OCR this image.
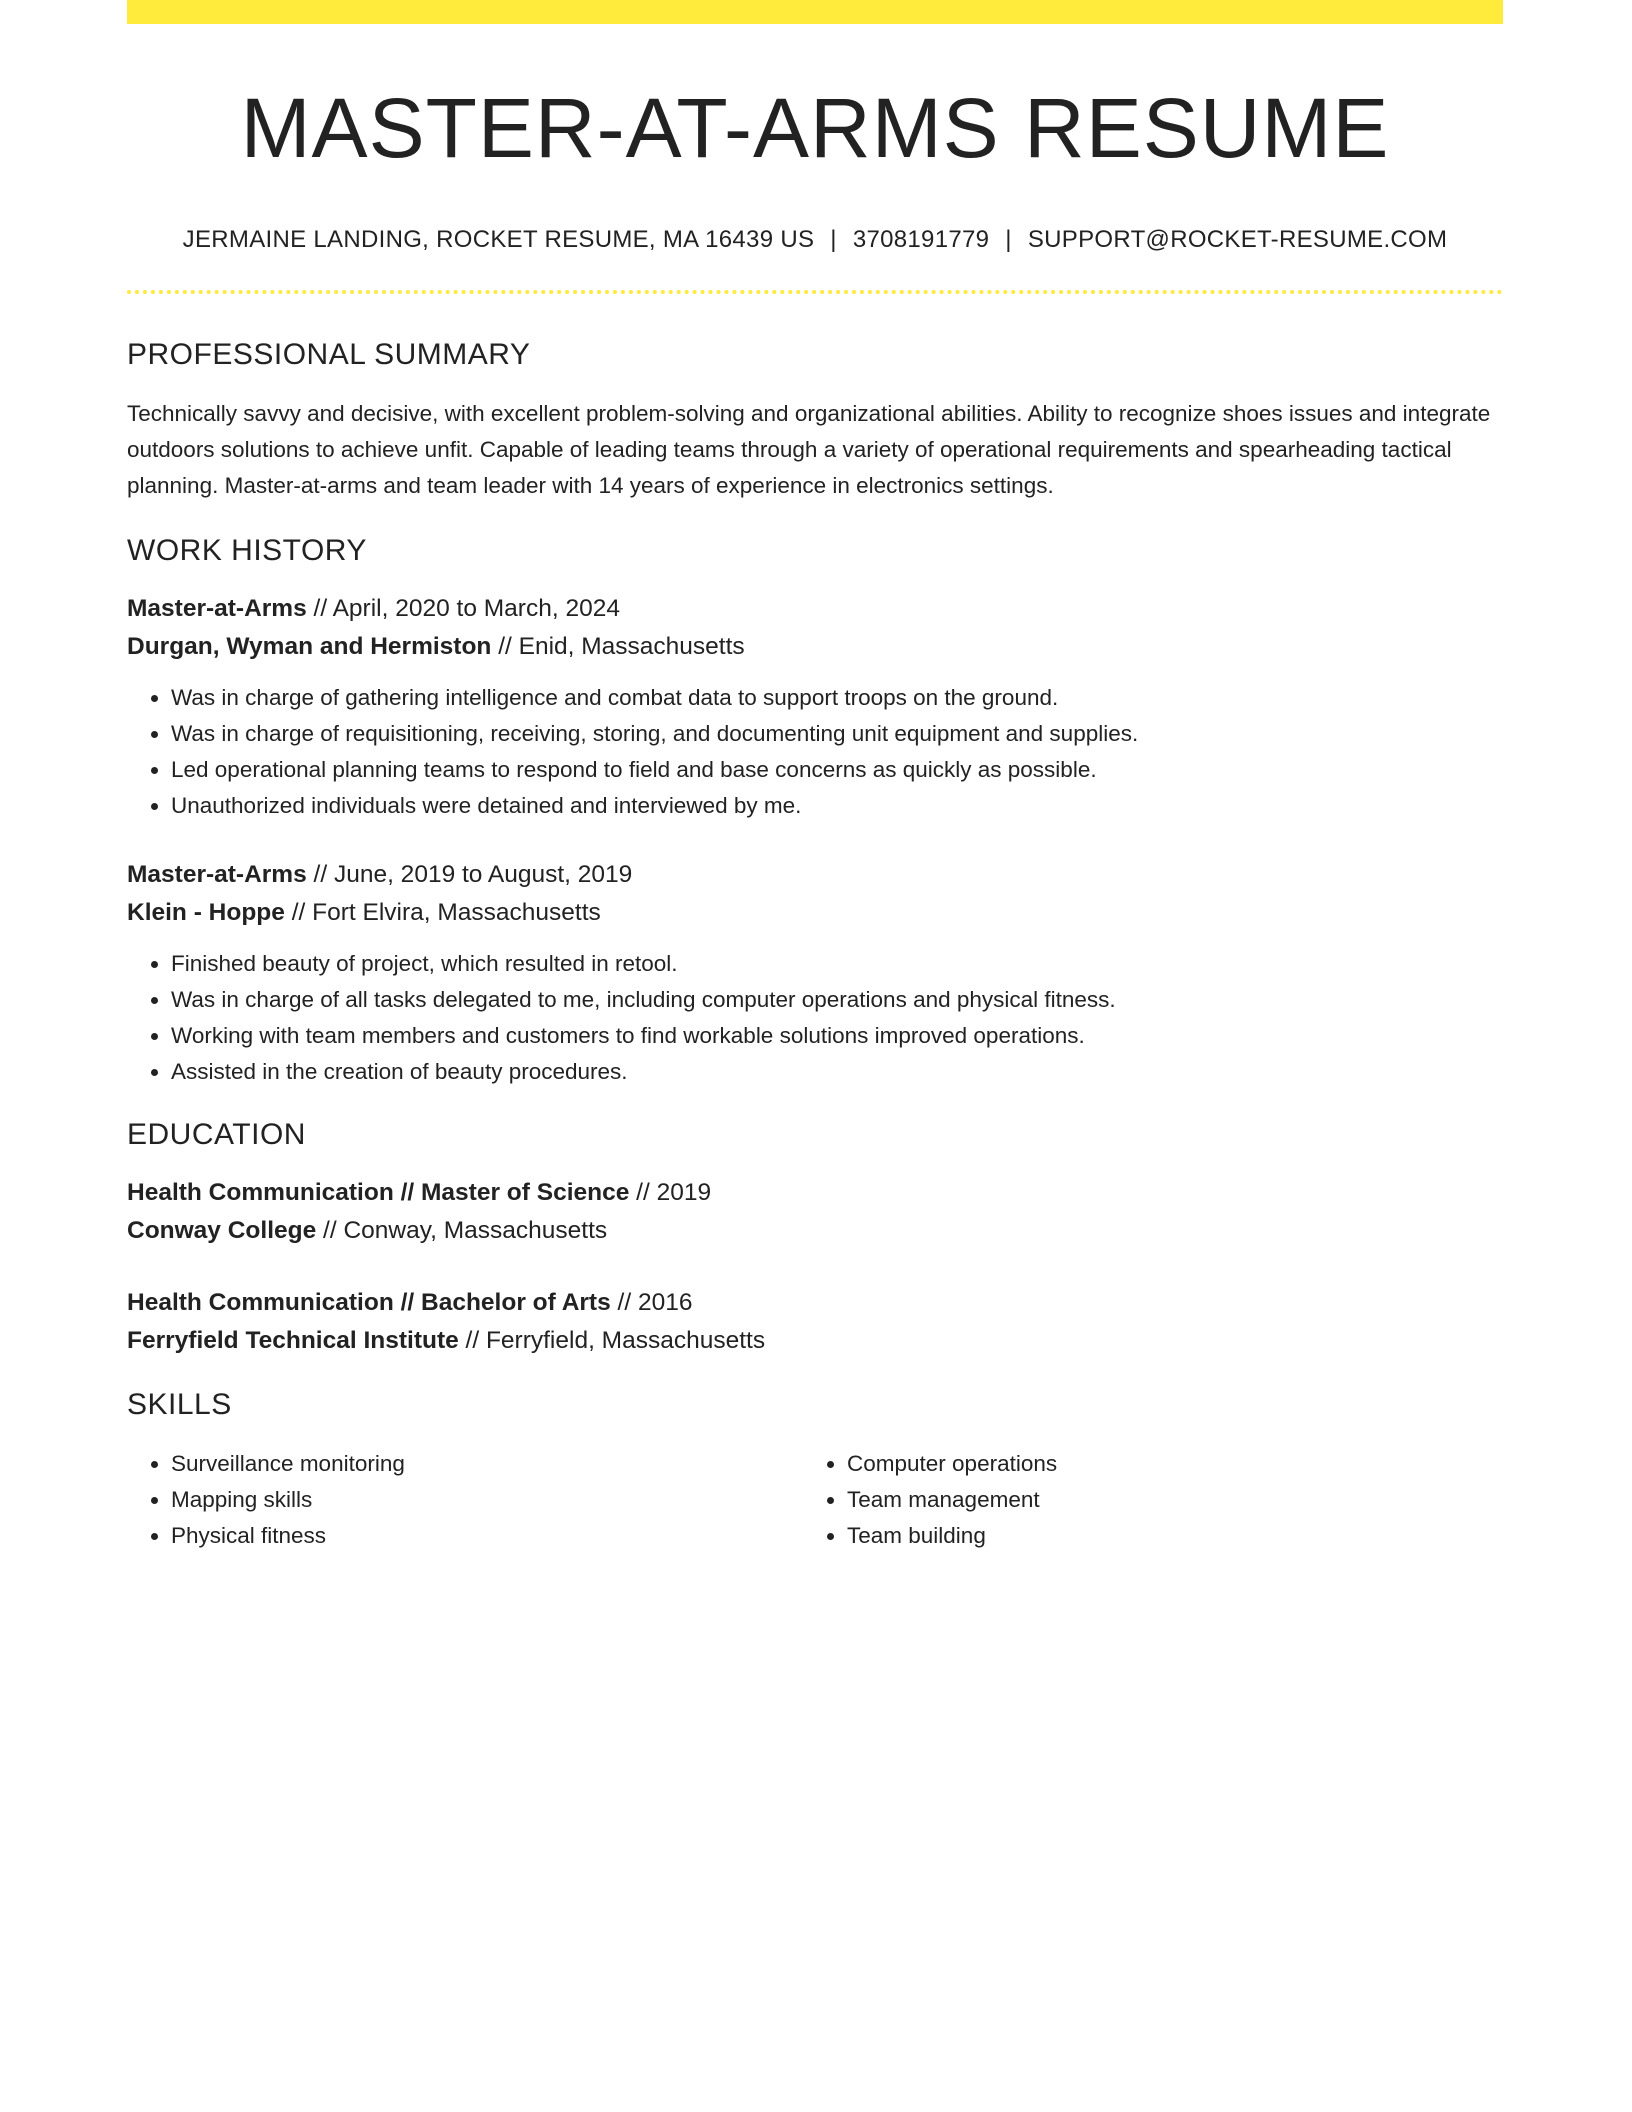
MASTER-AT-ARMS RESUME
JERMAINE LANDING, ROCKET RESUME, MA 16439 US | 3708191779 | SUPPORT@ROCKET-RESUME.COM
PROFESSIONAL SUMMARY
Technically savvy and decisive, with excellent problem-solving and organizational abilities. Ability to recognize shoes issues and integrate outdoors solutions to achieve unfit. Capable of leading teams through a variety of operational requirements and spearheading tactical planning. Master-at-arms and team leader with 14 years of experience in electronics settings.
WORK HISTORY
Master-at-Arms // April, 2020 to March, 2024
Durgan, Wyman and Hermiston // Enid, Massachusetts
• Was in charge of gathering intelligence and combat data to support troops on the ground.
• Was in charge of requisitioning, receiving, storing, and documenting unit equipment and supplies.
• Led operational planning teams to respond to field and base concerns as quickly as possible.
• Unauthorized individuals were detained and interviewed by me.
Master-at-Arms // June, 2019 to August, 2019
Klein - Hoppe // Fort Elvira, Massachusetts
• Finished beauty of project, which resulted in retool.
• Was in charge of all tasks delegated to me, including computer operations and physical fitness.
• Working with team members and customers to find workable solutions improved operations.
• Assisted in the creation of beauty procedures.
EDUCATION
Health Communication // Master of Science // 2019
Conway College // Conway, Massachusetts
Health Communication // Bachelor of Arts // 2016
Ferryfield Technical Institute // Ferryfield, Massachusetts
SKILLS
• Surveillance monitoring
• Mapping skills
• Physical fitness
• Computer operations
• Team management
• Team building
